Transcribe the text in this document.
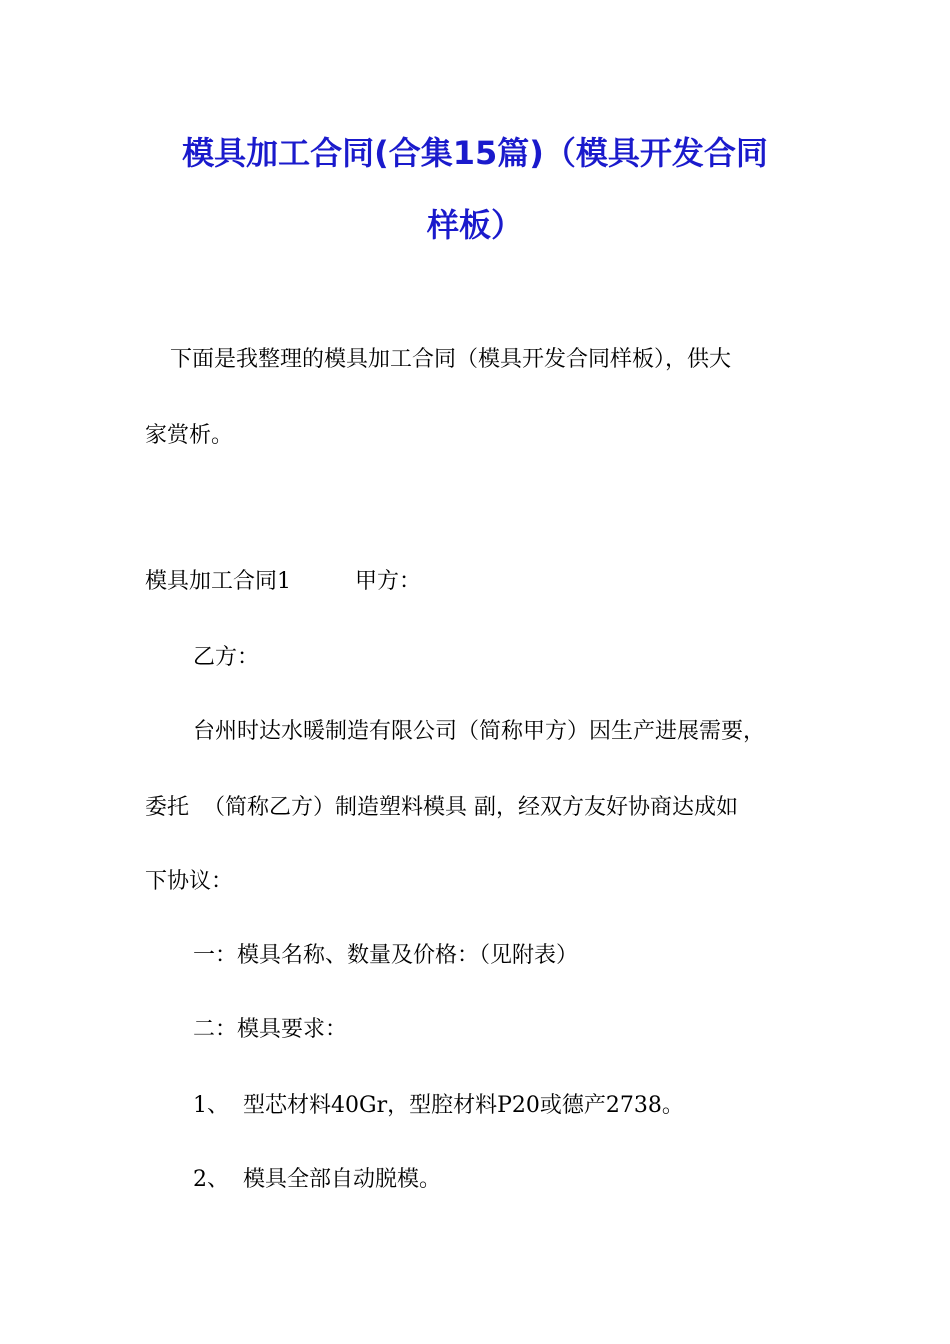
模具加工合同(合集15篇)（模具开发合同
样板）

下面是我整理的模具加工合同（模具开发合同样板），供大

家赏析。

模具加工合同1	甲方：

乙方：

台州时达水暖制造有限公司（简称甲方）因生产进展需要，

委托  （简称乙方）制造塑料模具 副，经双方友好协商达成如

下协议：

一：模具名称、数量及价格：（见附表）

二：模具要求：

1、 型芯材料40Gr，型腔材料P20或德产2738。

2、 模具全部自动脱模。
